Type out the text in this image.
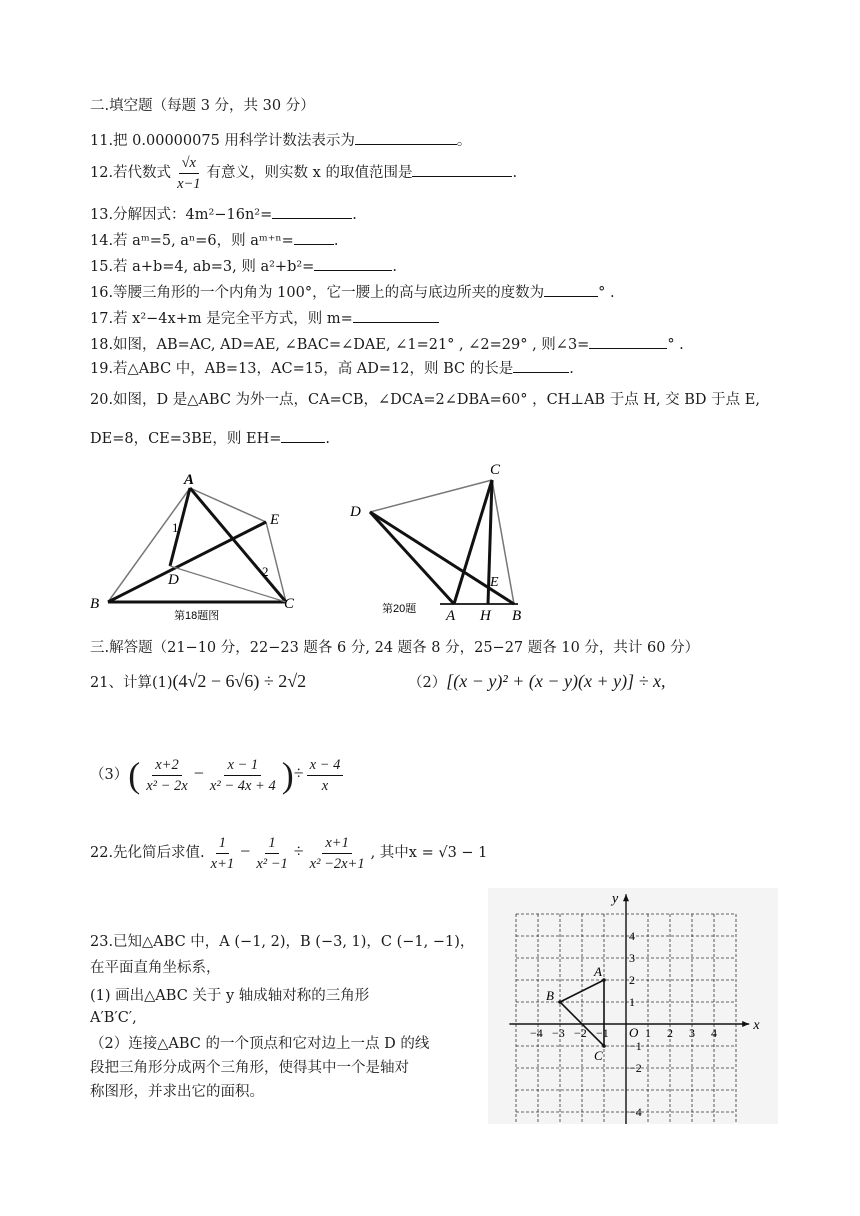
二.填空题（每题 3 分，共 30 分）
11.把 0.00000075 用科学计数法表示为	。
12.若代数式 $\frac{√x}{x-1}$ 有意义，则实数 x 的取值范围是	.
13.分解因式：4m²−16n²=	.
14.若 aᵐ=5, aⁿ=6，则 aᵐ⁺ⁿ=	.
15.若 a+b=4, ab=3, 则 a²+b²=	.
16.等腰三角形的一个内角为 100°，它一腰上的高与底边所夹的度数为	° .
17.若 x²−4x+m 是完全平方式，则 m=
18.如图，AB=AC, AD=AE, ∠BAC=∠DAE, ∠1=21° , ∠2=29° , 则∠3=	° .
19.若△ABC 中，AB=13，AC=15，高 AD=12，则 BC 的长是	.
20.如图，D 是△ABC 为外一点，CA=CB，∠DCA=2∠DBA=60° ，CH⊥AB 于点 H, 交 BD 于点 E,
DE=8，CE=3BE，则 EH=	.
A
E
1
D
2
B	C
第18题图
C
D
E
A H B
第20题
三.解答题（21−10 分，22−23 题各 6 分, 24 题各 8 分，25−27 题各 10 分，共计 60 分）
21、计算(1)(4√2 − 6√6) ÷ 2√2	（2）[(x − y)² + (x − y)(x + y)] ÷ x,
$(3)( \frac{x+2}{\text{x² − 2x}} - \frac{x - 1}{\text{x² − 4x + 4}}$ )÷ $\frac{x - 4}{x}$
22.先化简后求值. $\frac{1}{x+1} - \frac{1}{\text{x² −1}} \div \frac{x+1}{\text{x² −2x+1}}$ , 其中x = √3 − 1
23.已知△ABC 中，A (−1, 2)，B (−3, 1)，C (−1, −1)，
在平面直角坐标系，
(1) 画出△ABC 关于 y 轴成轴对称的三角形
A′B′C′,
（2）连接△ABC 的一个顶点和它对边上一点 D 的线
段把三角形分成两个三角形，使得其中一个是轴对
称图形，并求出它的面积。
x
y
O
−4 −3 −2 −1	1 2 3 4
4
3
2
1
−1
−2
−4
A
B
C
